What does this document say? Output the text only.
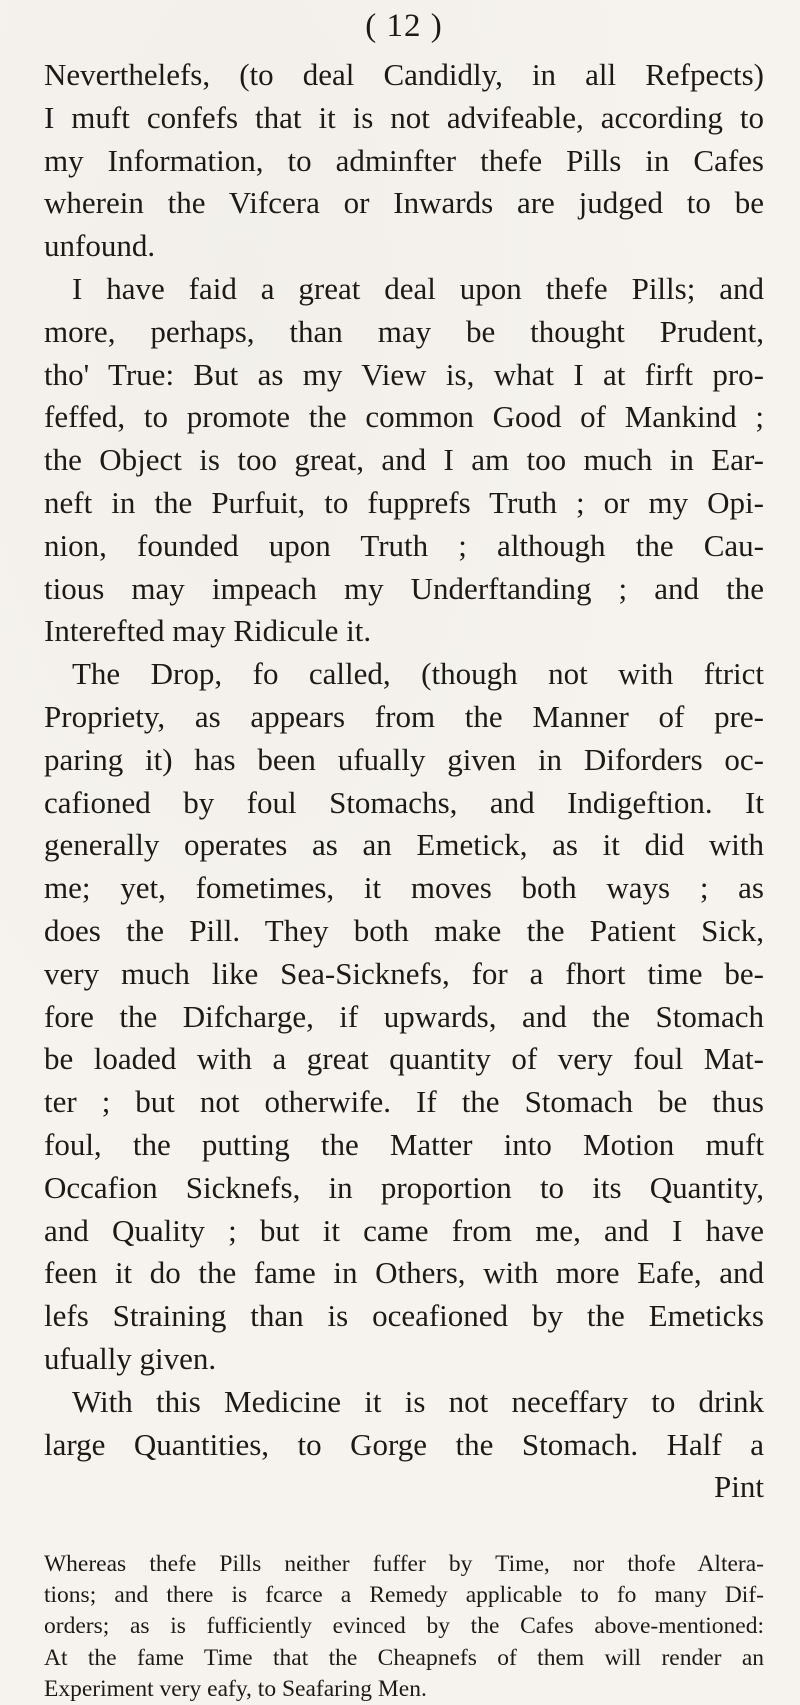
( 12 )
Neverthelefs, (to deal Candidly, in all Refpects)
I muft confefs that it is not advifeable, according to
my Information, to adminfter thefe Pills in Cafes
wherein the Vifcera or Inwards are judged to be
unfound.
I have faid a great deal upon thefe Pills; and
more, perhaps, than may be thought Prudent,
tho' True: But as my View is, what I at firft pro-
feffed, to promote the common Good of Mankind ;
the Object is too great, and I am too much in Ear-
neft in the Purfuit, to fupprefs Truth ; or my Opi-
nion, founded upon Truth ; although the Cau-
tious may impeach my Underftanding ; and the
Interefted may Ridicule it.
The Drop, fo called, (though not with ftrict
Propriety, as appears from the Manner of pre-
paring it) has been ufually given in Diforders oc-
cafioned by foul Stomachs, and Indigeftion. It
generally operates as an Emetick, as it did with
me; yet, fometimes, it moves both ways ; as
does the Pill. They both make the Patient Sick,
very much like Sea-Sicknefs, for a fhort time be-
fore the Difcharge, if upwards, and the Stomach
be loaded with a great quantity of very foul Mat-
ter ; but not otherwife. If the Stomach be thus
foul, the putting the Matter into Motion muft
Occafion Sicknefs, in proportion to its Quantity,
and Quality ; but it came from me, and I have
feen it do the fame in Others, with more Eafe, and
lefs Straining than is oceafioned by the Emeticks
ufually given.
With this Medicine it is not neceffary to drink
large Quantities, to Gorge the Stomach. Half a
Pint
Whereas thefe Pills neither fuffer by Time, nor thofe Altera-
tions; and there is fcarce a Remedy applicable to fo many Dif-
orders; as is fufficiently evinced by the Cafes above-mentioned:
At the fame Time that the Cheapnefs of them will render an
Experiment very eafy, to Seafaring Men.
